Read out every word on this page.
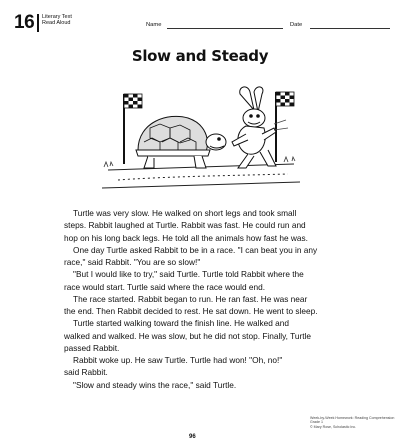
16 Literary Text
Read Aloud	Name	Date
Slow and Steady

Turtle was very slow. He walked on short legs and took small

steps. Rabbit laughed at Turtle. Rabbit was fast. He could run and

hop on his long back legs. He told all the animals how fast he was.

One day Turtle asked Rabbit to be in a race. "I can beat you in any

race," said Rabbit. "You are so slow!"

"But I would like to try," said Turtle. Turtle told Rabbit where the

race would start. Turtle said where the race would end.

The race started. Rabbit began to run. He ran fast. He was near

the end. Then Rabbit decided to rest. He sat down. He went to sleep.

Turtle started walking toward the finish line. He walked and

walked and walked. He was slow, but he did not stop. Finally, Turtle

passed Rabbit.

Rabbit woke up. He saw Turtle. Turtle had won! "Oh, no!"

said Rabbit.

"Slow and steady wins the race," said Turtle.

Week-by-Week Homework: Reading Comprehension Grade 1
© Mary Rose, Scholastic Inc.
96
